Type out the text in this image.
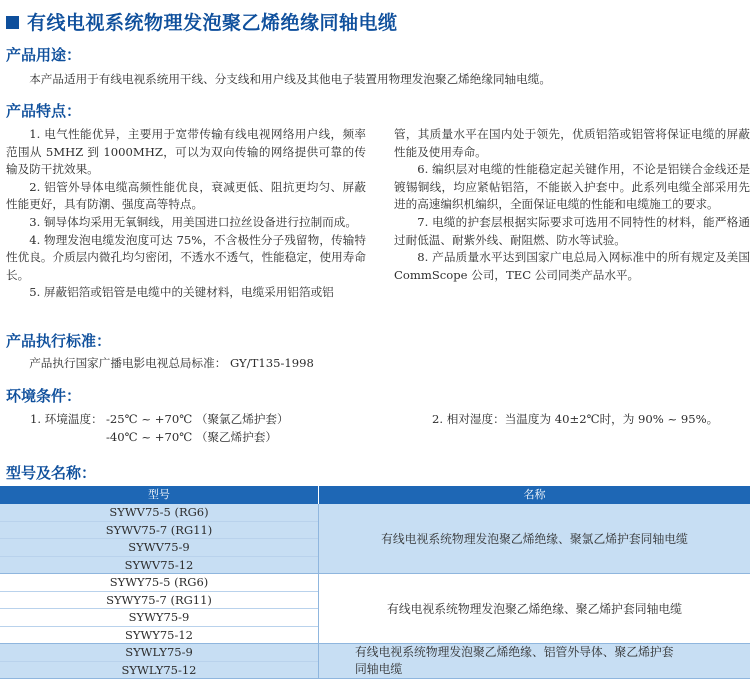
有线电视系统物理发泡聚乙烯绝缘同轴电缆
产品用途：

本产品适用于有线电视系统用干线、分支线和用户线及其他电子装置用物理发泡聚乙烯绝缘同轴电缆。

产品特点：

1. 电气性能优异，主要用于宽带传输有线电视网络用户线，频率范围从 5MHZ 到 1000MHZ，可以为双向传输的网络提供可靠的传输及防干扰效果。

2. 铝管外导体电缆高频性能优良，衰减更低、阻抗更均匀、屏蔽性能更好，具有防潮、强度高等特点。

3. 铜导体均采用无氧铜线，用美国进口拉丝设备进行拉制而成。

4. 物理发泡电缆发泡度可达 75%，不含极性分子残留物，传输特性优良。介质层内微孔均匀密闭，不透水不透气，性能稳定，使用寿命长。

5. 屏蔽铝箔或铝管是电缆中的关键材料，电缆采用铝箔或铝

管，其质量水平在国内处于领先，优质铝箔或铝管将保证电缆的屏蔽性能及使用寿命。

6. 编织层对电缆的性能稳定起关键作用，不论是铝镁合金线还是镀锡铜线，均应紧帖铝箔，不能嵌入护套中。此系列电缆全部采用先进的高速编织机编织，全面保证电缆的性能和电缆施工的要求。

7. 电缆的护套层根据实际要求可选用不同特性的材料，能严格通过耐低温、耐紫外线、耐阻燃、防水等试验。

8. 产品质量水平达到国家广电总局入网标准中的所有规定及美国 CommScope 公司，TEC 公司同类产品水平。

产品执行标准：

产品执行国家广播电影电视总局标准： GY/T135-1998

环境条件：
1. 环境温度： -25℃ ~ +70℃ （聚氯乙烯护套）	2. 相对湿度：当温度为 40±2℃时，为 90% ~ 95%。
-40℃ ~ +70℃ （聚乙烯护套）
型号及名称：
型号	名称
SYWV75-5 (RG6)
SYWV75-7 (RG11)
SYWV75-9
SYWV75-12
有线电视系统物理发泡聚乙烯绝缘、聚氯乙烯护套同轴电缆
SYWY75-5 (RG6)
SYWY75-7 (RG11)
SYWY75-9
SYWY75-12
有线电视系统物理发泡聚乙烯绝缘、聚乙烯护套同轴电缆
SYWLY75-9
SYWLY75-12
有线电视系统物理发泡聚乙烯绝缘、铝管外导体、聚乙烯护套同轴电缆
